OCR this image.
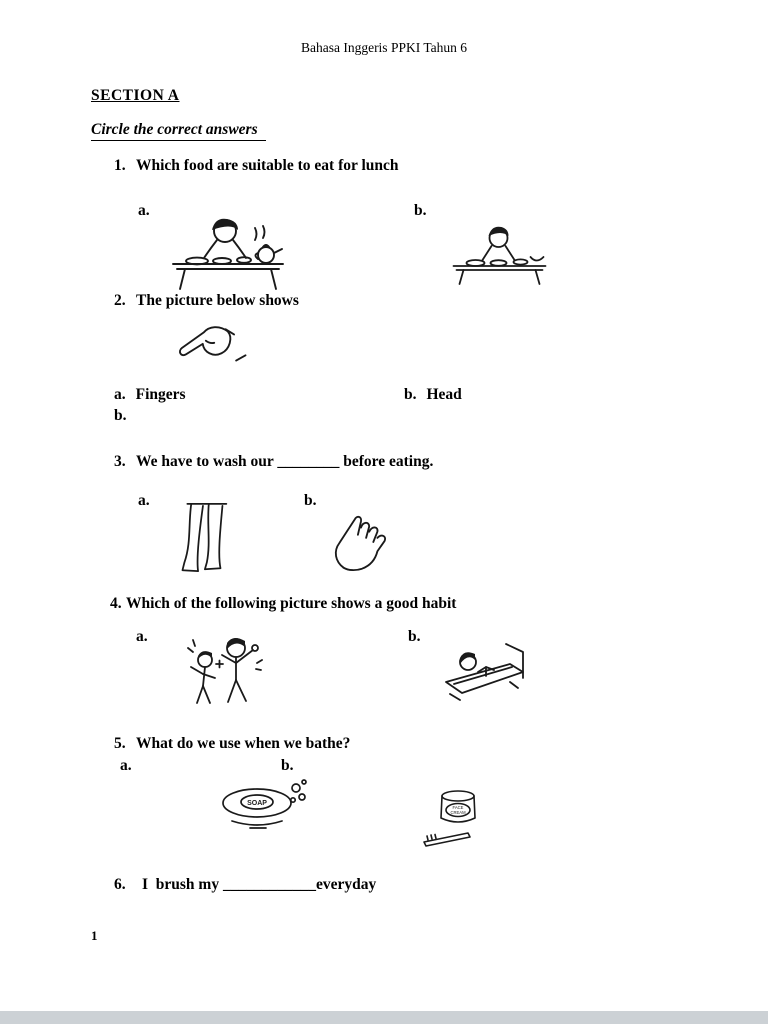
Bahasa Inggeris PPKI Tahun 6
SECTION A
Circle the correct answers
1. Which food are suitable to eat for lunch
a.	b.
2. The picture below shows
a. Fingers	b. Head
b.
3. We have to wash our ________ before eating.
a.	b.
4. Which of the following picture shows a good habit
a.	b.
5. What do we use when we bathe?
a.	b.
SOAP
FACE
CREAM
6. I  brush my ____________everyday
1
